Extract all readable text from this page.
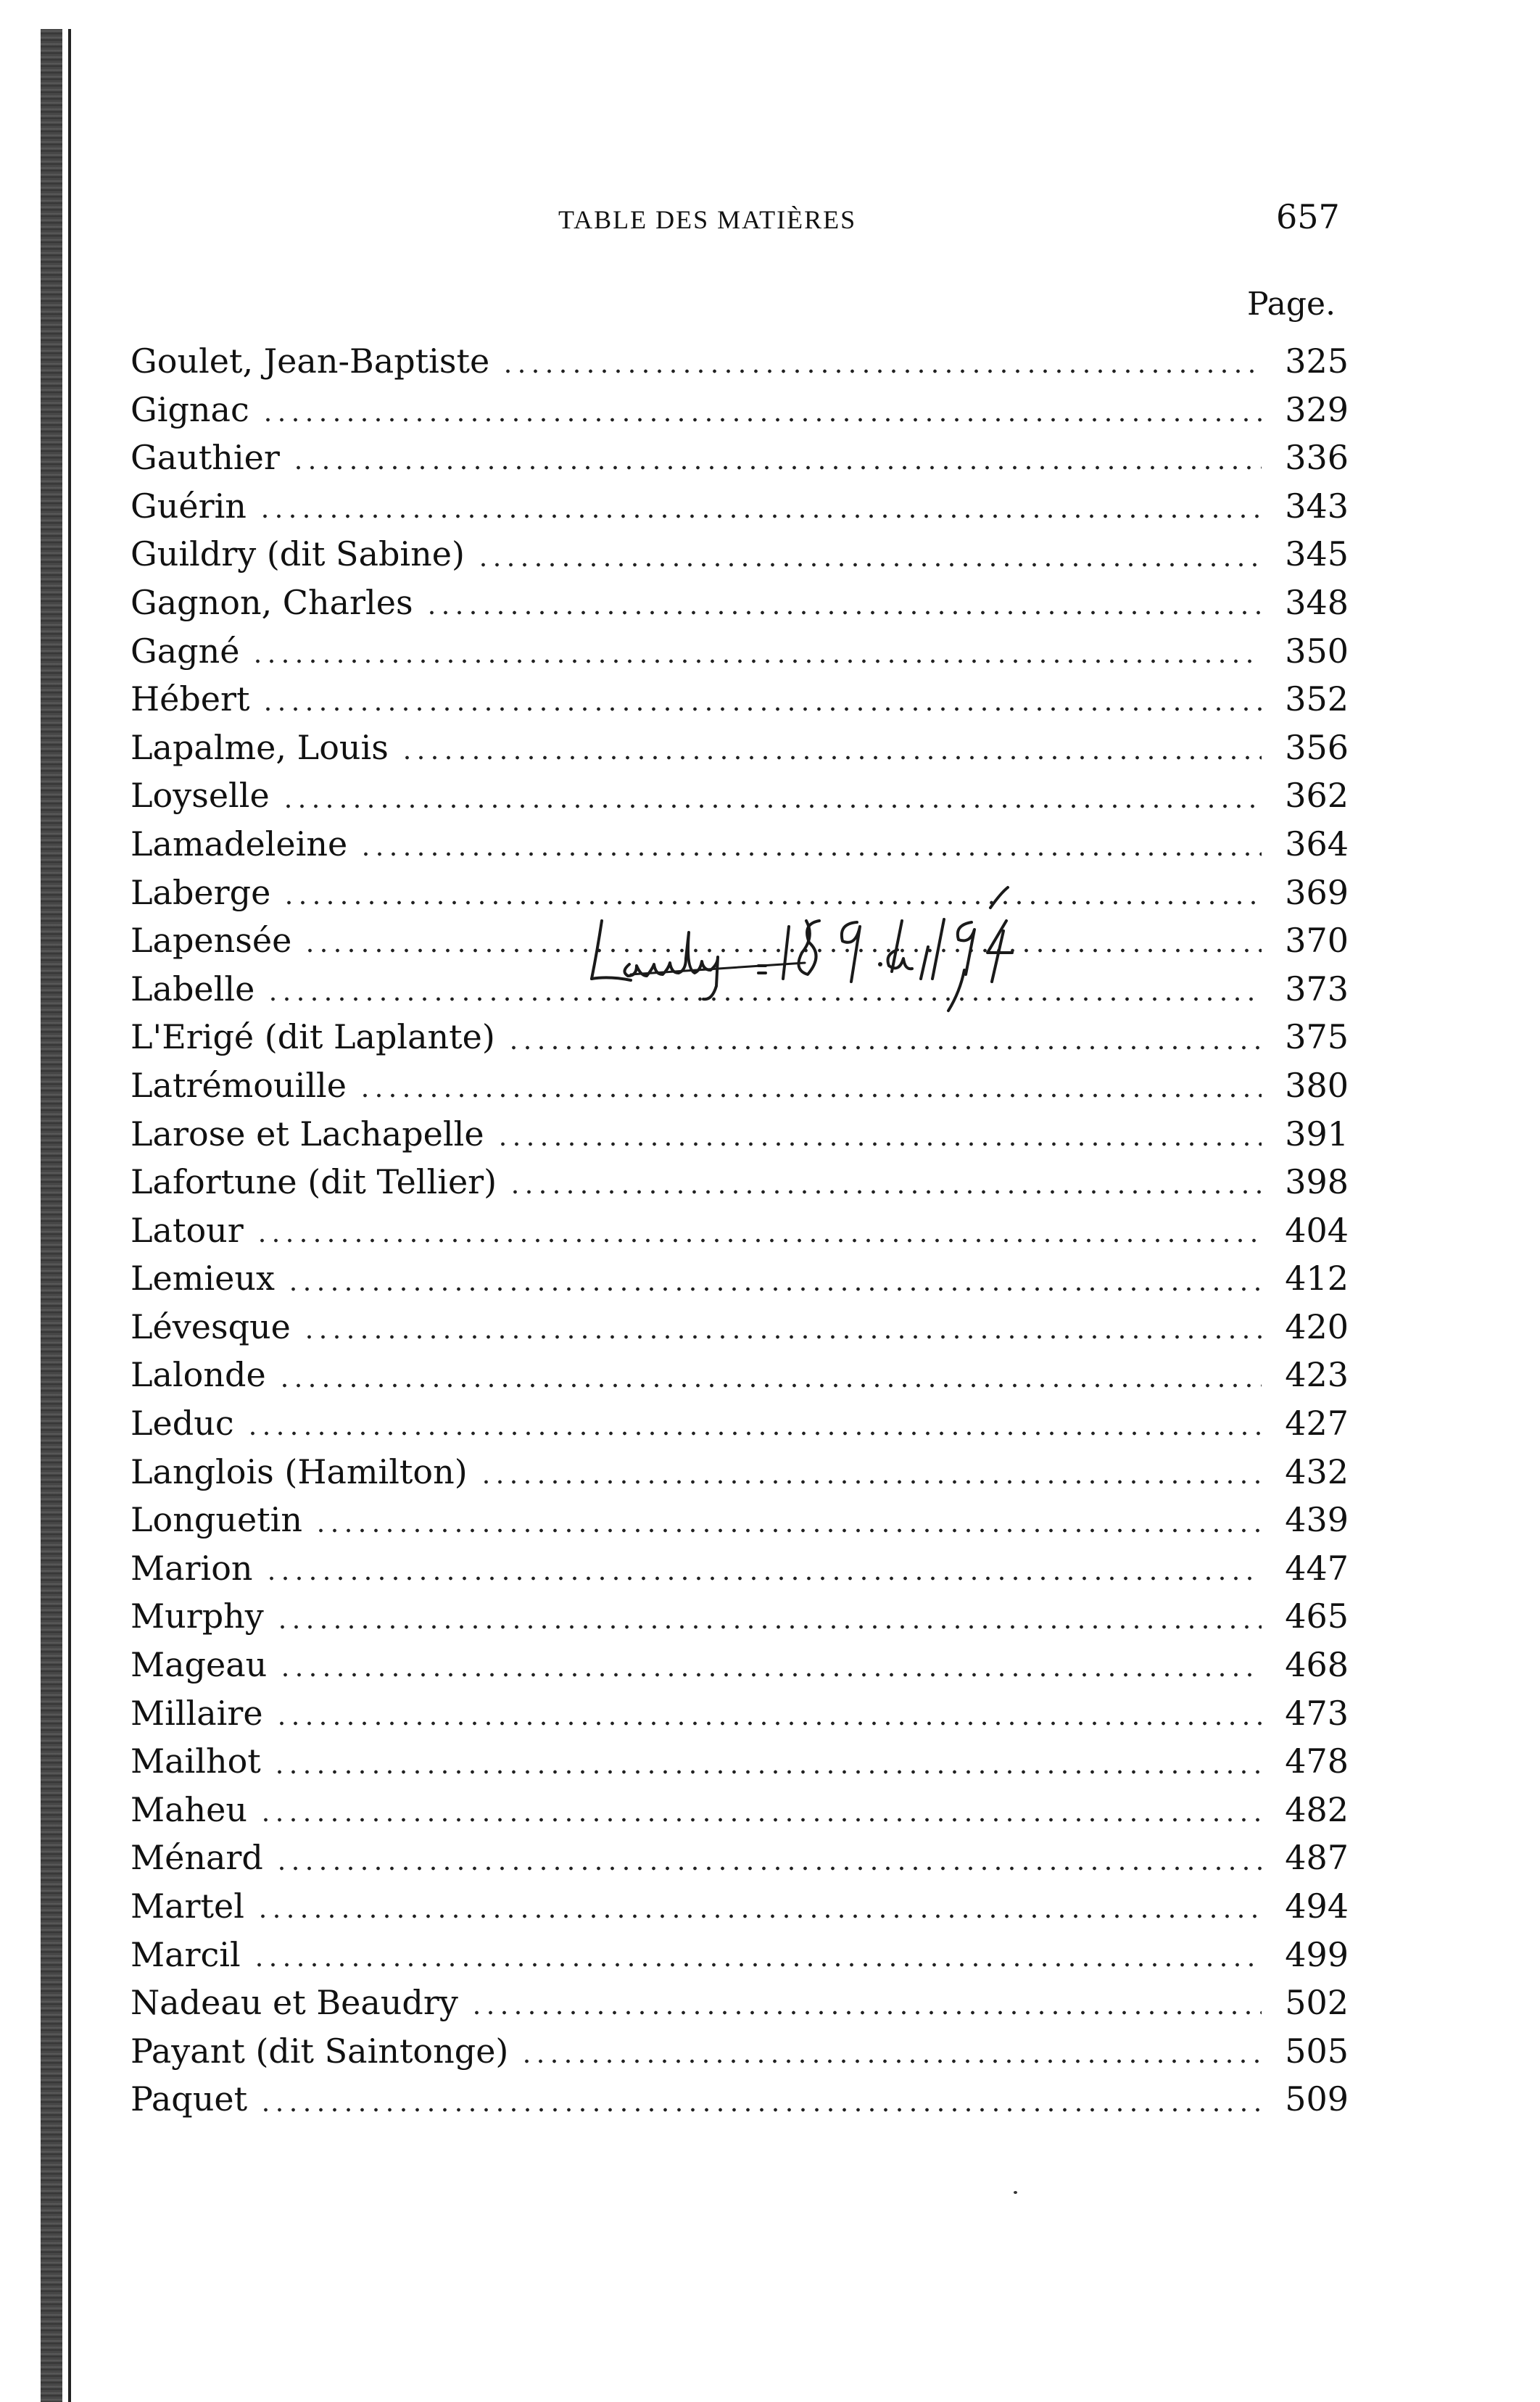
TABLE DES MATIÈRES	657
Page.
Goulet, Jean-Baptiste	325
Gignac	329
Gauthier	336
Guérin	343
Guildry (dit Sabine)	345
Gagnon, Charles	348
Gagné	350
Hébert	352
Lapalme, Louis	356
Loyselle	362
Lamadeleine	364
Laberge	369
Lapensée	370
Labelle	373
L'Erigé (dit Laplante)	375
Latrémouille	380
Larose et Lachapelle	391
Lafortune (dit Tellier)	398
Latour	404
Lemieux	412
Lévesque	420
Lalonde	423
Leduc	427
Langlois (Hamilton)	432
Longuetin	439
Marion	447
Murphy	465
Mageau	468
Millaire	473
Mailhot	478
Maheu	482
Ménard	487
Martel	494
Marcil	499
Nadeau et Beaudry	502
Payant (dit Saintonge)	505
Paquet	509
